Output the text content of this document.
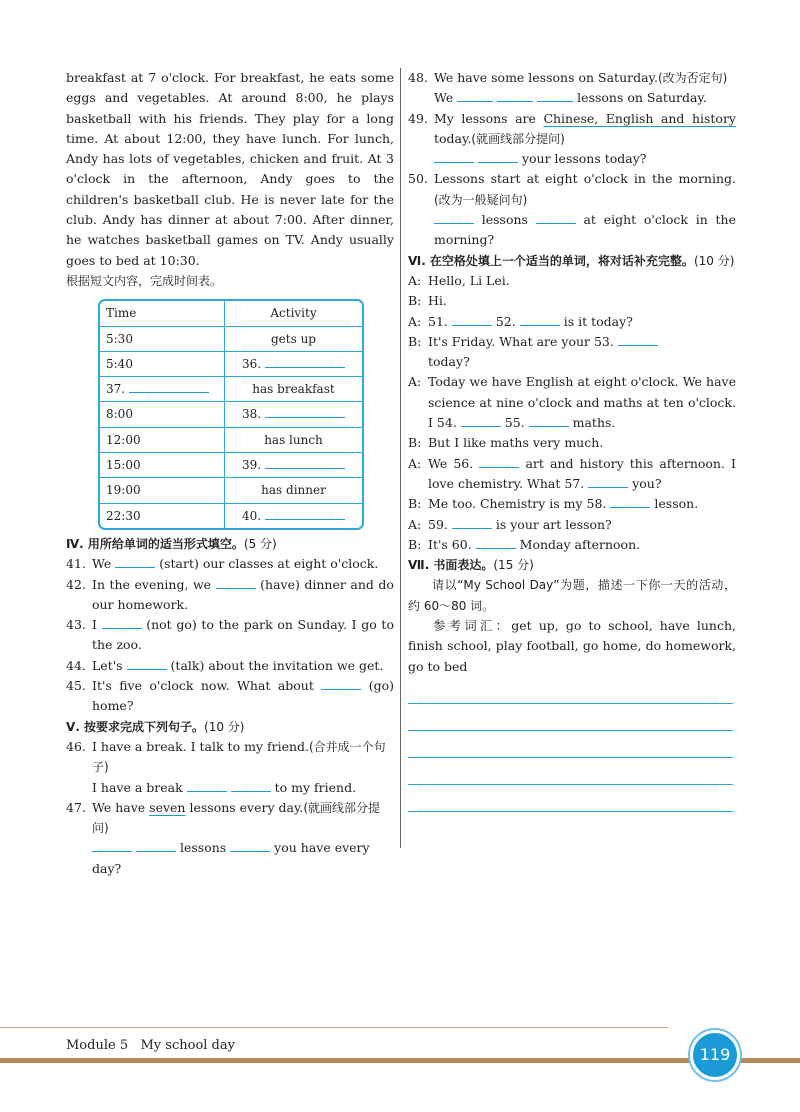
breakfast at 7 o'clock. For breakfast, he eats some eggs and vegetables. At around 8:00, he plays basketball with his friends. They play for a long time. At about 12:00, they have lunch. For lunch, Andy has lots of vegetables, chicken and fruit. At 3 o'clock in the afternoon, Andy goes to the children's basketball club. He is never late for the club. Andy has dinner at about 7:00. After dinner, he watches basketball games on TV. Andy usually goes to bed at 10:30.
根据短文内容，完成时间表。
Time	Activity
5:30	gets up
5:40	36.
37.	has breakfast
8:00	38.
12:00	has lunch
15:00	39.
19:00	has dinner
22:30	40.
Ⅳ. 用所给单词的适当形式填空。(5 分)
41. We	(start) our classes at eight o'clock.
42. In the evening, we	(have) dinner and do our homework.
43. I	(not go) to the park on Sunday. I go to the zoo.
44. Let's	(talk) about the invitation we get.
45. It's five o'clock now. What about	(go) home?
Ⅴ. 按要求完成下列句子。(10 分)
46. I have a break. I talk to my friend.(合并成一个句子)
I have a break	to my friend.
47. We have seven lessons every day.(就画线部分提问)
lessons	you have every day?
48. We have some lessons on Saturday.(改为否定句)
We	lessons on Saturday.
49. My lessons are Chinese, English and history today.(就画线部分提问)
your lessons today?
50. Lessons start at eight o'clock in the morning.(改为一般疑问句)
lessons	at eight o'clock in the morning?
Ⅵ. 在空格处填上一个适当的单词，将对话补充完整。(10 分)
A: Hello, Li Lei.
B: Hi.
A: 51.	52.	is it today?
B: It's Friday. What are your 53.
today?
A: Today we have English at eight o'clock. We have science at nine o'clock and maths at ten o'clock. I 54.	55.	maths.
B: But I like maths very much.
A: We 56.	art and history this afternoon. I love chemistry. What 57.	you?
B: Me too. Chemistry is my 58.	lesson.
A: 59.	is your art lesson?
B: It's 60.	Monday afternoon.
Ⅶ. 书面表达。(15 分)
请以“My School Day”为题，描述一下你一天的活动，约 60～80 词。
参考词汇：get up, go to school, have lunch, finish school, play football, go home, do homework, go to bed
Module 5 My school day	119
